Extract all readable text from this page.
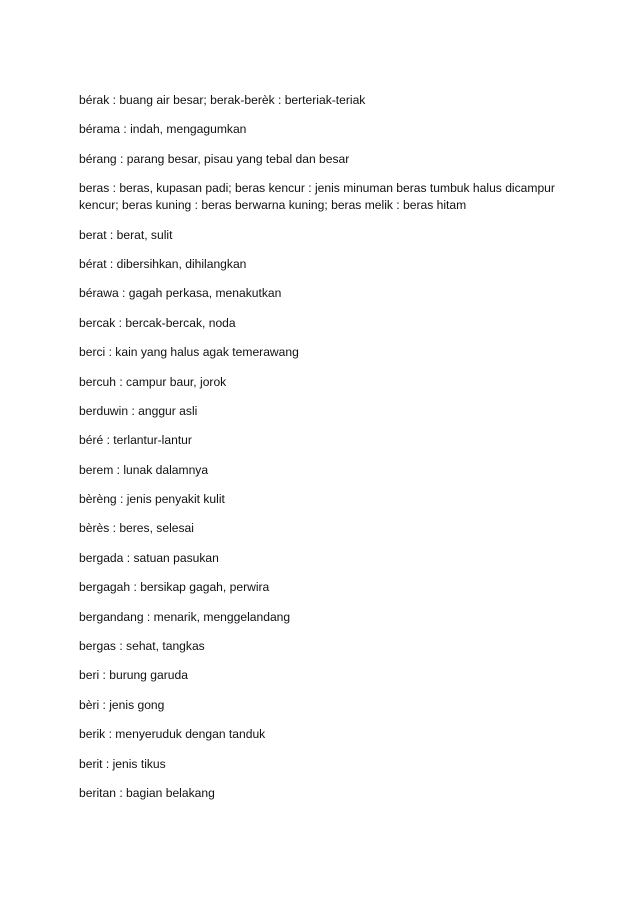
bérak : buang air besar; berak-berèk : berteriak-teriak
bérama : indah, mengagumkan
bérang : parang besar, pisau yang tebal dan besar
beras : beras, kupasan padi; beras kencur : jenis minuman beras tumbuk halus dicampur kencur; beras kuning : beras berwarna kuning; beras melik : beras hitam
berat : berat, sulit
bérat : dibersihkan, dihilangkan
bérawa : gagah perkasa, menakutkan
bercak : bercak-bercak, noda
berci : kain yang halus agak temerawang
bercuh : campur baur, jorok
berduwin : anggur asli
béré : terlantur-lantur
berem : lunak dalamnya
bèrèng : jenis penyakit kulit
bèrès : beres, selesai
bergada : satuan pasukan
bergagah : bersikap gagah, perwira
bergandang : menarik, menggelandang
bergas : sehat, tangkas
beri : burung garuda
bèri : jenis gong
berik : menyeruduk dengan tanduk
berit : jenis tikus
beritan : bagian belakang
